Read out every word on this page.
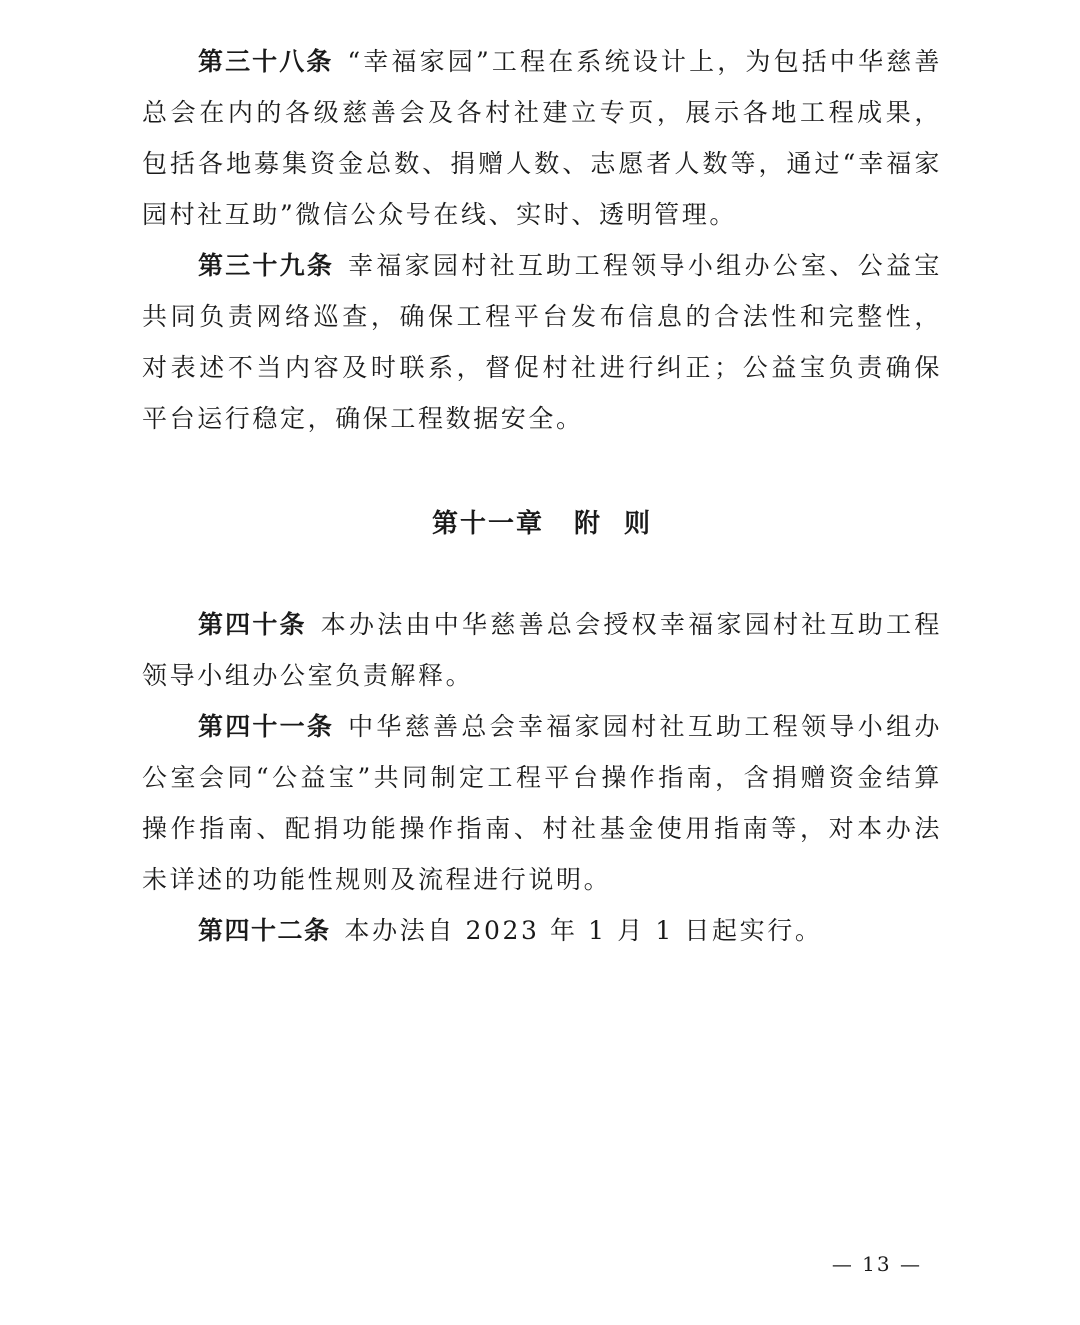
第三十八条 “幸福家园”工程在系统设计上，为包括中华慈善总会在内的各级慈善会及各村社建立专页，展示各地工程成果，包括各地募集资金总数、捐赠人数、志愿者人数等，通过“幸福家园村社互助”微信公众号在线、实时、透明管理。

第三十九条 幸福家园村社互助工程领导小组办公室、公益宝共同负责网络巡查，确保工程平台发布信息的合法性和完整性，对表述不当内容及时联系，督促村社进行纠正；公益宝负责确保平台运行稳定，确保工程数据安全。

第十一章 附 则

第四十条 本办法由中华慈善总会授权幸福家园村社互助工程领导小组办公室负责解释。

第四十一条 中华慈善总会幸福家园村社互助工程领导小组办公室会同“公益宝”共同制定工程平台操作指南，含捐赠资金结算操作指南、配捐功能操作指南、村社基金使用指南等，对本办法未详述的功能性规则及流程进行说明。

第四十二条 本办法自 2023 年 1 月 1 日起实行。

— 13 —
